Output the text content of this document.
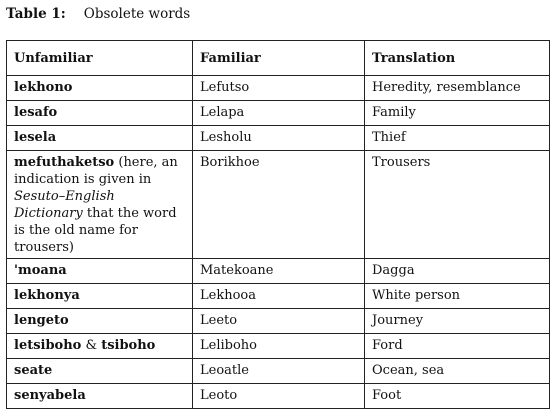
Table 1: Obsolete words
Unfamiliar	Familiar	Translation
lekhono	Lefutso	Heredity, resemblance
lesafo	Lelapa	Family
lesela	Lesholu	Thief
mefuthaketso (here, an indication is given in Sesuto–English Dictionary that the word is the old name for trousers)	Borikhoe	Trousers
'moana	Matekoane	Dagga
lekhonya	Lekhooa	White person
lengeto	Leeto	Journey
letsiboho & tsiboho	Leliboho	Ford
seate	Leoatle	Ocean, sea
senyabela	Leoto	Foot
